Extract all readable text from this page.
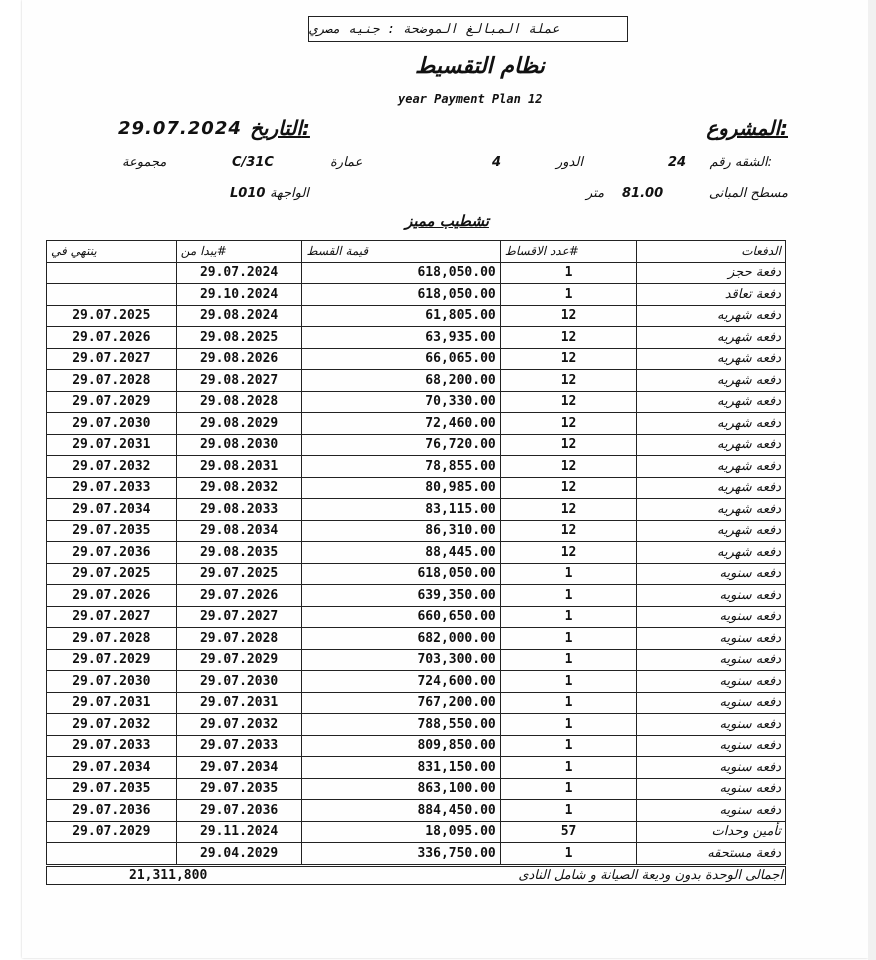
عملة المبالغ الموضحة : جنيه مصري
نظام التقسيط
year Payment Plan 12
المشروع:
التاريخ:
29.07.2024
الشقه رقم:
24
الدور
4
عمارة
C/31C
مجموعة
مسطح المبانى
81.00
متر
الواجهة
L010
تشطيب مميز
ينتهي في	#يبدا من	قيمة القسط	#عدد الاقساط	الدفعات
	29.07.2024	618,050.00	1	دفعة حجز
	29.10.2024	618,050.00	1	دفعة تعاقد
29.07.2025	29.08.2024	61,805.00	12	دفعه شهريه
29.07.2026	29.08.2025	63,935.00	12	دفعه شهريه
29.07.2027	29.08.2026	66,065.00	12	دفعه شهريه
29.07.2028	29.08.2027	68,200.00	12	دفعه شهريه
29.07.2029	29.08.2028	70,330.00	12	دفعه شهريه
29.07.2030	29.08.2029	72,460.00	12	دفعه شهريه
29.07.2031	29.08.2030	76,720.00	12	دفعه شهريه
29.07.2032	29.08.2031	78,855.00	12	دفعه شهريه
29.07.2033	29.08.2032	80,985.00	12	دفعه شهريه
29.07.2034	29.08.2033	83,115.00	12	دفعه شهريه
29.07.2035	29.08.2034	86,310.00	12	دفعه شهريه
29.07.2036	29.08.2035	88,445.00	12	دفعه شهريه
29.07.2025	29.07.2025	618,050.00	1	دفعه سنويه
29.07.2026	29.07.2026	639,350.00	1	دفعه سنويه
29.07.2027	29.07.2027	660,650.00	1	دفعه سنويه
29.07.2028	29.07.2028	682,000.00	1	دفعه سنويه
29.07.2029	29.07.2029	703,300.00	1	دفعه سنويه
29.07.2030	29.07.2030	724,600.00	1	دفعه سنويه
29.07.2031	29.07.2031	767,200.00	1	دفعه سنويه
29.07.2032	29.07.2032	788,550.00	1	دفعه سنويه
29.07.2033	29.07.2033	809,850.00	1	دفعه سنويه
29.07.2034	29.07.2034	831,150.00	1	دفعه سنويه
29.07.2035	29.07.2035	863,100.00	1	دفعه سنويه
29.07.2036	29.07.2036	884,450.00	1	دفعه سنويه
29.07.2029	29.11.2024	18,095.00	57	تأمين وحدات
	29.04.2029	336,750.00	1	دفعة مستحقه
21,311,800	اجمالى الوحدة بدون وديعة الصيانة و شامل النادى
